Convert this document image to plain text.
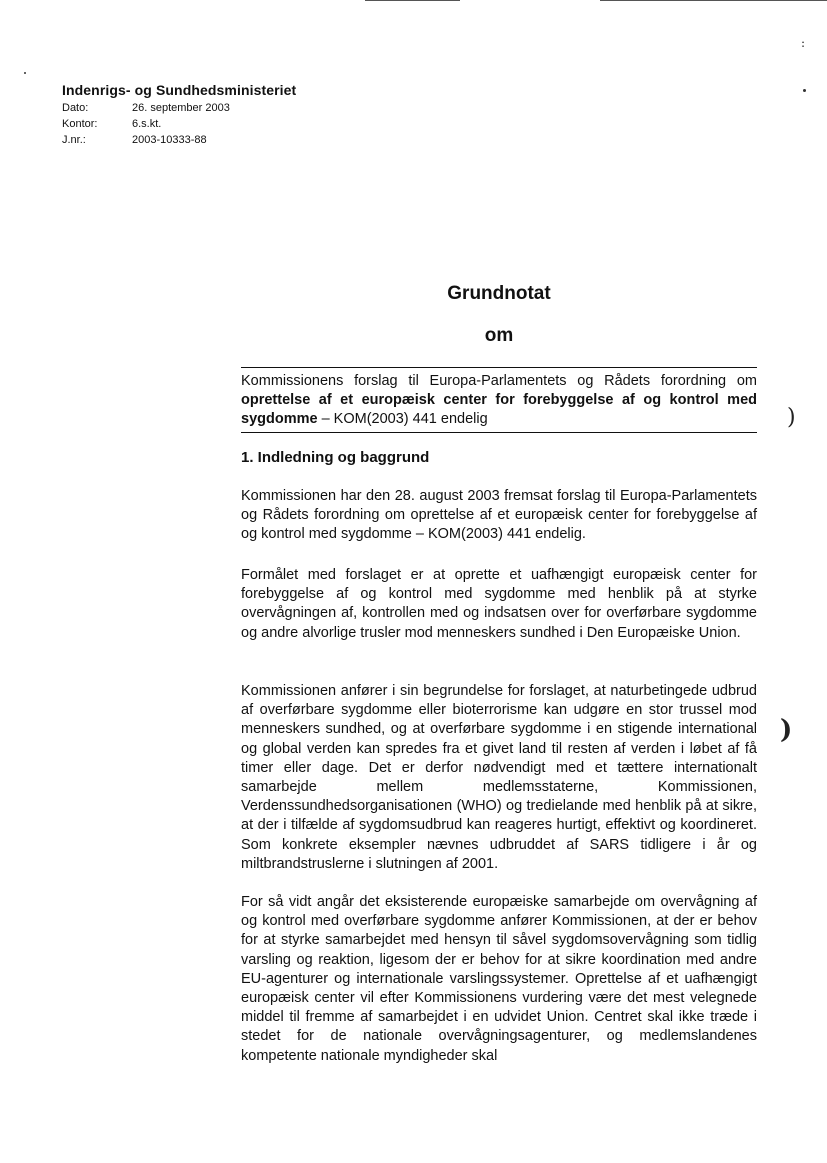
Indenrigs- og Sundhedsministeriet
Dato:	26. september 2003
Kontor:	6.s.kt.
J.nr.:	2003-10333-88
Grundnotat
om
Kommissionens forslag til Europa-Parlamentets og Rådets forordning om oprettelse af et europæisk center for forebyggelse af og kontrol med sygdomme – KOM(2003) 441 endelig
1. Indledning og baggrund
Kommissionen har den 28. august 2003 fremsat forslag til Europa-Parlamentets og Rådets forordning om oprettelse af et europæisk center for forebyggelse af og kontrol med sygdomme – KOM(2003) 441 endelig.
Formålet med forslaget er at oprette et uafhængigt europæisk center for forebyggelse af og kontrol med sygdomme med henblik på at styrke overvågningen af, kontrollen med og indsatsen over for overførbare sygdomme og andre alvorlige trusler mod menneskers sundhed i Den Europæiske Union.
Kommissionen anfører i sin begrundelse for forslaget, at naturbetingede udbrud af overførbare sygdomme eller bioterrorisme kan udgøre en stor trussel mod menneskers sundhed, og at overførbare sygdomme i en stigende international og global verden kan spredes fra et givet land til resten af verden i løbet af få timer eller dage. Det er derfor nødvendigt med et tættere internationalt samarbejde mellem medlemsstaterne, Kommissionen, Verdenssundhedsorganisationen (WHO) og tredielande med henblik på at sikre, at der i tilfælde af sygdomsudbrud kan reageres hurtigt, effektivt og koordineret. Som konkrete eksempler nævnes udbruddet af SARS tidligere i år og miltbrandstruslerne i slutningen af 2001.
For så vidt angår det eksisterende europæiske samarbejde om overvågning af og kontrol med overførbare sygdomme anfører Kommissionen, at der er behov for at styrke samarbejdet med hensyn til såvel sygdomsovervågning som tidlig varsling og reaktion, ligesom der er behov for at sikre koordination med andre EU-agenturer og internationale varslingssystemer. Oprettelse af et uafhængigt europæisk center vil efter Kommissionens vurdering være det mest velegnede middel til fremme af samarbejdet i en udvidet Union. Centret skal ikke træde i stedet for de nationale overvågningsagenturer, og medlemslandenes kompetente nationale myndigheder skal
)
)
:
